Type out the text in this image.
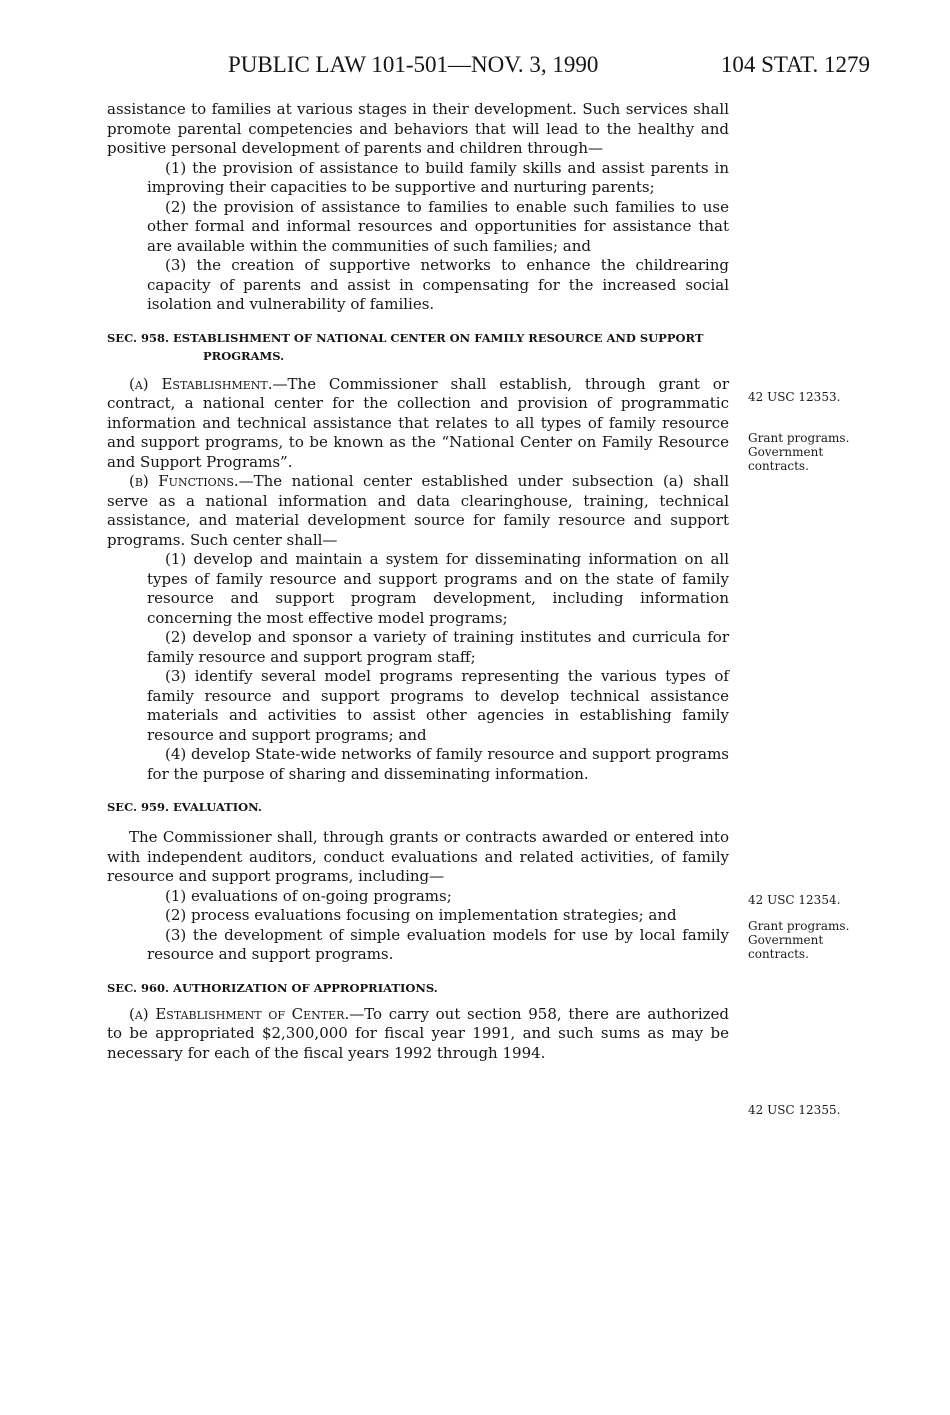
PUBLIC LAW 101-501—NOV. 3, 1990	104 STAT. 1279

assistance to families at various stages in their development. Such services shall promote parental competencies and behaviors that will lead to the healthy and positive personal development of parents and children through—

(1) the provision of assistance to build family skills and assist parents in improving their capacities to be supportive and nurturing parents;

(2) the provision of assistance to families to enable such families to use other formal and informal resources and opportunities for assistance that are available within the communities of such families; and

(3) the creation of supportive networks to enhance the childrearing capacity of parents and assist in compensating for the increased social isolation and vulnerability of families.

SEC. 958. ESTABLISHMENT OF NATIONAL CENTER ON FAMILY RESOURCE AND SUPPORT PROGRAMS.

(a) Establishment.—The Commissioner shall establish, through grant or contract, a national center for the collection and provision of programmatic information and technical assistance that relates to all types of family resource and support programs, to be known as the “National Center on Family Resource and Support Programs”.

(b) Functions.—The national center established under subsection (a) shall serve as a national information and data clearinghouse, training, technical assistance, and material development source for family resource and support programs. Such center shall—

(1) develop and maintain a system for disseminating information on all types of family resource and support programs and on the state of family resource and support program development, including information concerning the most effective model programs;

(2) develop and sponsor a variety of training institutes and curricula for family resource and support program staff;

(3) identify several model programs representing the various types of family resource and support programs to develop technical assistance materials and activities to assist other agencies in establishing family resource and support programs; and

(4) develop State-wide networks of family resource and support programs for the purpose of sharing and disseminating information.

SEC. 959. EVALUATION.

The Commissioner shall, through grants or contracts awarded or entered into with independent auditors, conduct evaluations and related activities, of family resource and support programs, including—

(1) evaluations of on-going programs;

(2) process evaluations focusing on implementation strategies; and

(3) the development of simple evaluation models for use by local family resource and support programs.

SEC. 960. AUTHORIZATION OF APPROPRIATIONS.

(a) Establishment of Center.—To carry out section 958, there are authorized to be appropriated $2,300,000 for fiscal year 1991, and such sums as may be necessary for each of the fiscal years 1992 through 1994.

42 USC 12353.
Grant programs.
Government
contracts.
42 USC 12354.
Grant programs.
Government
contracts.
42 USC 12355.
